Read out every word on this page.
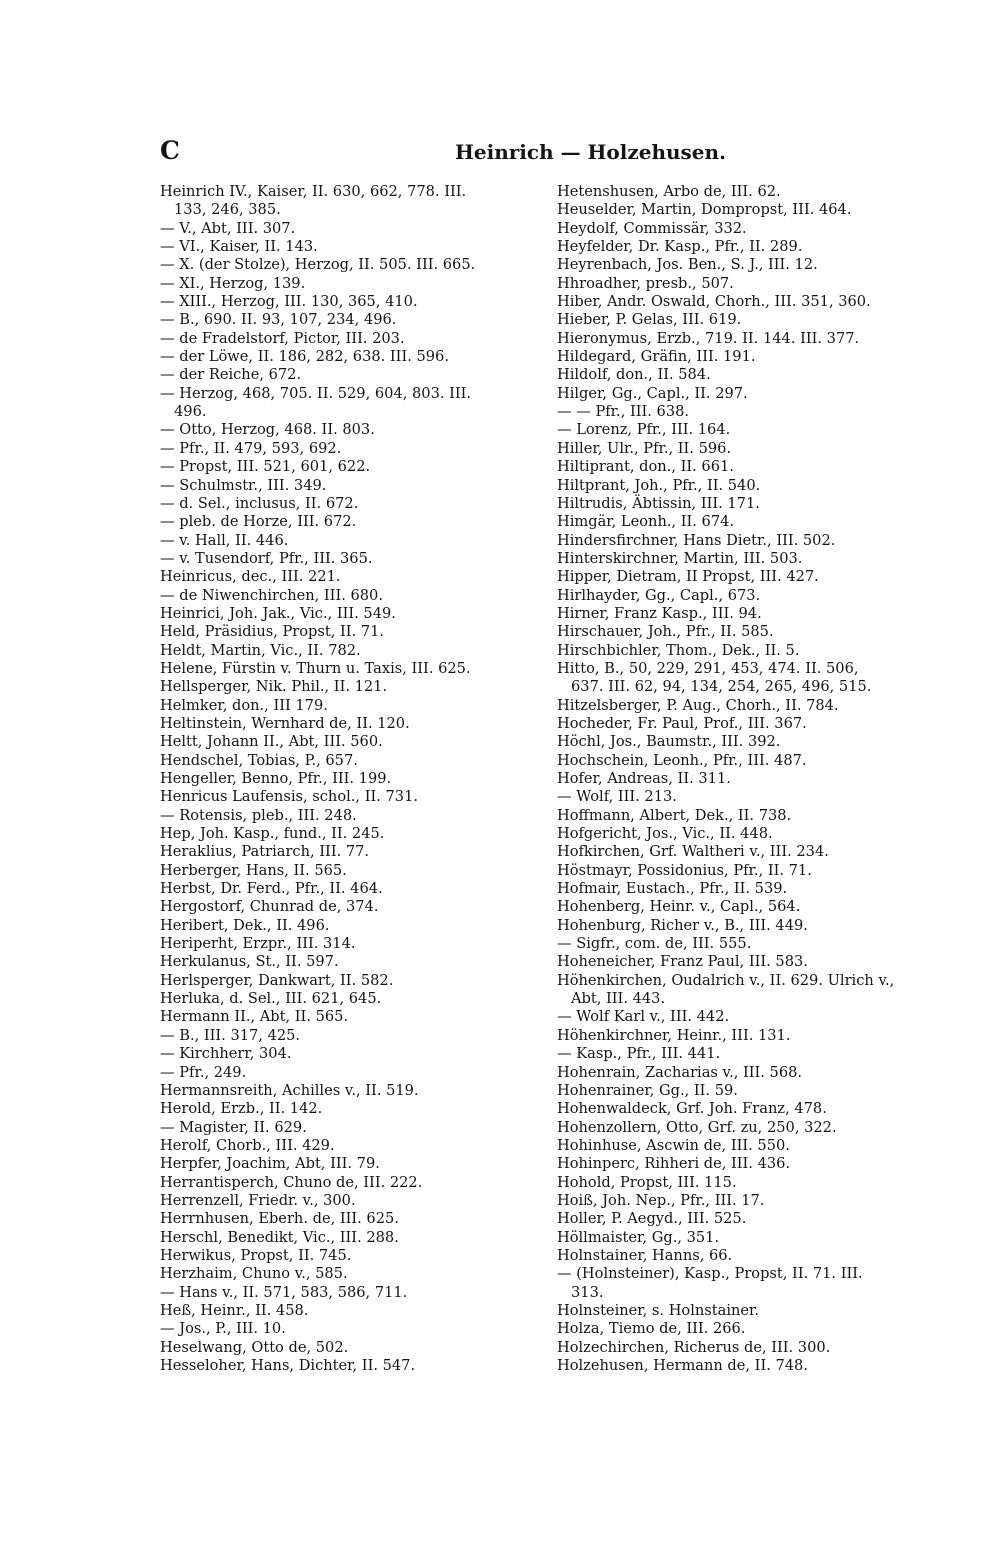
C	Heinrich — Holzehusen.
Heinrich IV., Kaiser, II. 630, 662, 778. III.
133, 246, 385.
— V., Abt, III. 307.
— VI., Kaiser, II. 143.
— X. (der Stolze), Herzog, II. 505. III. 665.
— XI., Herzog, 139.
— XIII., Herzog, III. 130, 365, 410.
— B., 690. II. 93, 107, 234, 496.
— de Fradelstorf, Pictor, III. 203.
— der Löwe, II. 186, 282, 638. III. 596.
— der Reiche, 672.
— Herzog, 468, 705. II. 529, 604, 803. III.
496.
— Otto, Herzog, 468. II. 803.
— Pfr., II. 479, 593, 692.
— Propst, III. 521, 601, 622.
— Schulmstr., III. 349.
— d. Sel., inclusus, II. 672.
— pleb. de Horze, III. 672.
— v. Hall, II. 446.
— v. Tusendorf, Pfr., III. 365.
Heinricus, dec., III. 221.
— de Niwenchirchen, III. 680.
Heinrici, Joh. Jak., Vic., III. 549.
Held, Präsidius, Propst, II. 71.
Heldt, Martin, Vic., II. 782.
Helene, Fürstin v. Thurn u. Taxis, III. 625.
Hellsperger, Nik. Phil., II. 121.
Helmker, don., III 179.
Heltinstein, Wernhard de, II. 120.
Heltt, Johann II., Abt, III. 560.
Hendschel, Tobias, P., 657.
Hengeller, Benno, Pfr., III. 199.
Henricus Laufensis, schol., II. 731.
— Rotensis, pleb., III. 248.
Hep, Joh. Kasp., fund., II. 245.
Heraklius, Patriarch, III. 77.
Herberger, Hans, II. 565.
Herbst, Dr. Ferd., Pfr., II. 464.
Hergostorf, Chunrad de, 374.
Heribert, Dek., II. 496.
Heriperht, Erzpr., III. 314.
Herkulanus, St., II. 597.
Herlsperger, Dankwart, II. 582.
Herluka, d. Sel., III. 621, 645.
Hermann II., Abt, II. 565.
— B., III. 317, 425.
— Kirchherr, 304.
— Pfr., 249.
Hermannsreith, Achilles v., II. 519.
Herold, Erzb., II. 142.
— Magister, II. 629.
Herolf, Chorb., III. 429.
Herpfer, Joachim, Abt, III. 79.
Herrantisperch, Chuno de, III. 222.
Herrenzell, Friedr. v., 300.
Herrnhusen, Eberh. de, III. 625.
Herschl, Benedikt, Vic., III. 288.
Herwikus, Propst, II. 745.
Herzhaim, Chuno v., 585.
— Hans v., II. 571, 583, 586, 711.
Heß, Heinr., II. 458.
— Jos., P., III. 10.
Heselwang, Otto de, 502.
Hesseloher, Hans, Dichter, II. 547.
Hetenshusen, Arbo de, III. 62.
Heuselder, Martin, Dompropst, III. 464.
Heydolf, Commissär, 332.
Heyfelder, Dr. Kasp., Pfr., II. 289.
Heyrenbach, Jos. Ben., S. J., III. 12.
Hhroadher, presb., 507.
Hiber, Andr. Oswald, Chorh., III. 351, 360.
Hieber, P. Gelas, III. 619.
Hieronymus, Erzb., 719. II. 144. III. 377.
Hildegard, Gräfin, III. 191.
Hildolf, don., II. 584.
Hilger, Gg., Capl., II. 297.
— — Pfr., III. 638.
— Lorenz, Pfr., III. 164.
Hiller, Ulr., Pfr., II. 596.
Hiltiprant, don., II. 661.
Hiltprant, Joh., Pfr., II. 540.
Hiltrudis, Äbtissin, III. 171.
Himgär, Leonh., II. 674.
Hindersfirchner, Hans Dietr., III. 502.
Hinterskirchner, Martin, III. 503.
Hipper, Dietram, II Propst, III. 427.
Hirlhayder, Gg., Capl., 673.
Hirner, Franz Kasp., III. 94.
Hirschauer, Joh., Pfr., II. 585.
Hirschbichler, Thom., Dek., II. 5.
Hitto, B., 50, 229, 291, 453, 474. II. 506,
637. III. 62, 94, 134, 254, 265, 496, 515.
Hitzelsberger, P. Aug., Chorh., II. 784.
Hocheder, Fr. Paul, Prof., III. 367.
Höchl, Jos., Baumstr., III. 392.
Hochschein, Leonh., Pfr., III. 487.
Hofer, Andreas, II. 311.
— Wolf, III. 213.
Hoffmann, Albert, Dek., II. 738.
Hofgericht, Jos., Vic., II. 448.
Hofkirchen, Grf. Waltheri v., III. 234.
Höstmayr, Possidonius, Pfr., II. 71.
Hofmair, Eustach., Pfr., II. 539.
Hohenberg, Heinr. v., Capl., 564.
Hohenburg, Richer v., B., III. 449.
— Sigfr., com. de, III. 555.
Hoheneicher, Franz Paul, III. 583.
Höhenkirchen, Oudalrich v., II. 629. Ulrich v.,
Abt, III. 443.
— Wolf Karl v., III. 442.
Höhenkirchner, Heinr., III. 131.
— Kasp., Pfr., III. 441.
Hohenrain, Zacharias v., III. 568.
Hohenrainer, Gg., II. 59.
Hohenwaldeck, Grf. Joh. Franz, 478.
Hohenzollern, Otto, Grf. zu, 250, 322.
Hohinhuse, Ascwin de, III. 550.
Hohinperc, Rihheri de, III. 436.
Hohold, Propst, III. 115.
Hoiß, Joh. Nep., Pfr., III. 17.
Holler, P. Aegyd., III. 525.
Höllmaister, Gg., 351.
Holnstainer, Hanns, 66.
— (Holnsteiner), Kasp., Propst, II. 71. III.
313.
Holnsteiner, s. Holnstainer.
Holza, Tiemo de, III. 266.
Holzechirchen, Richerus de, III. 300.
Holzehusen, Hermann de, II. 748.
